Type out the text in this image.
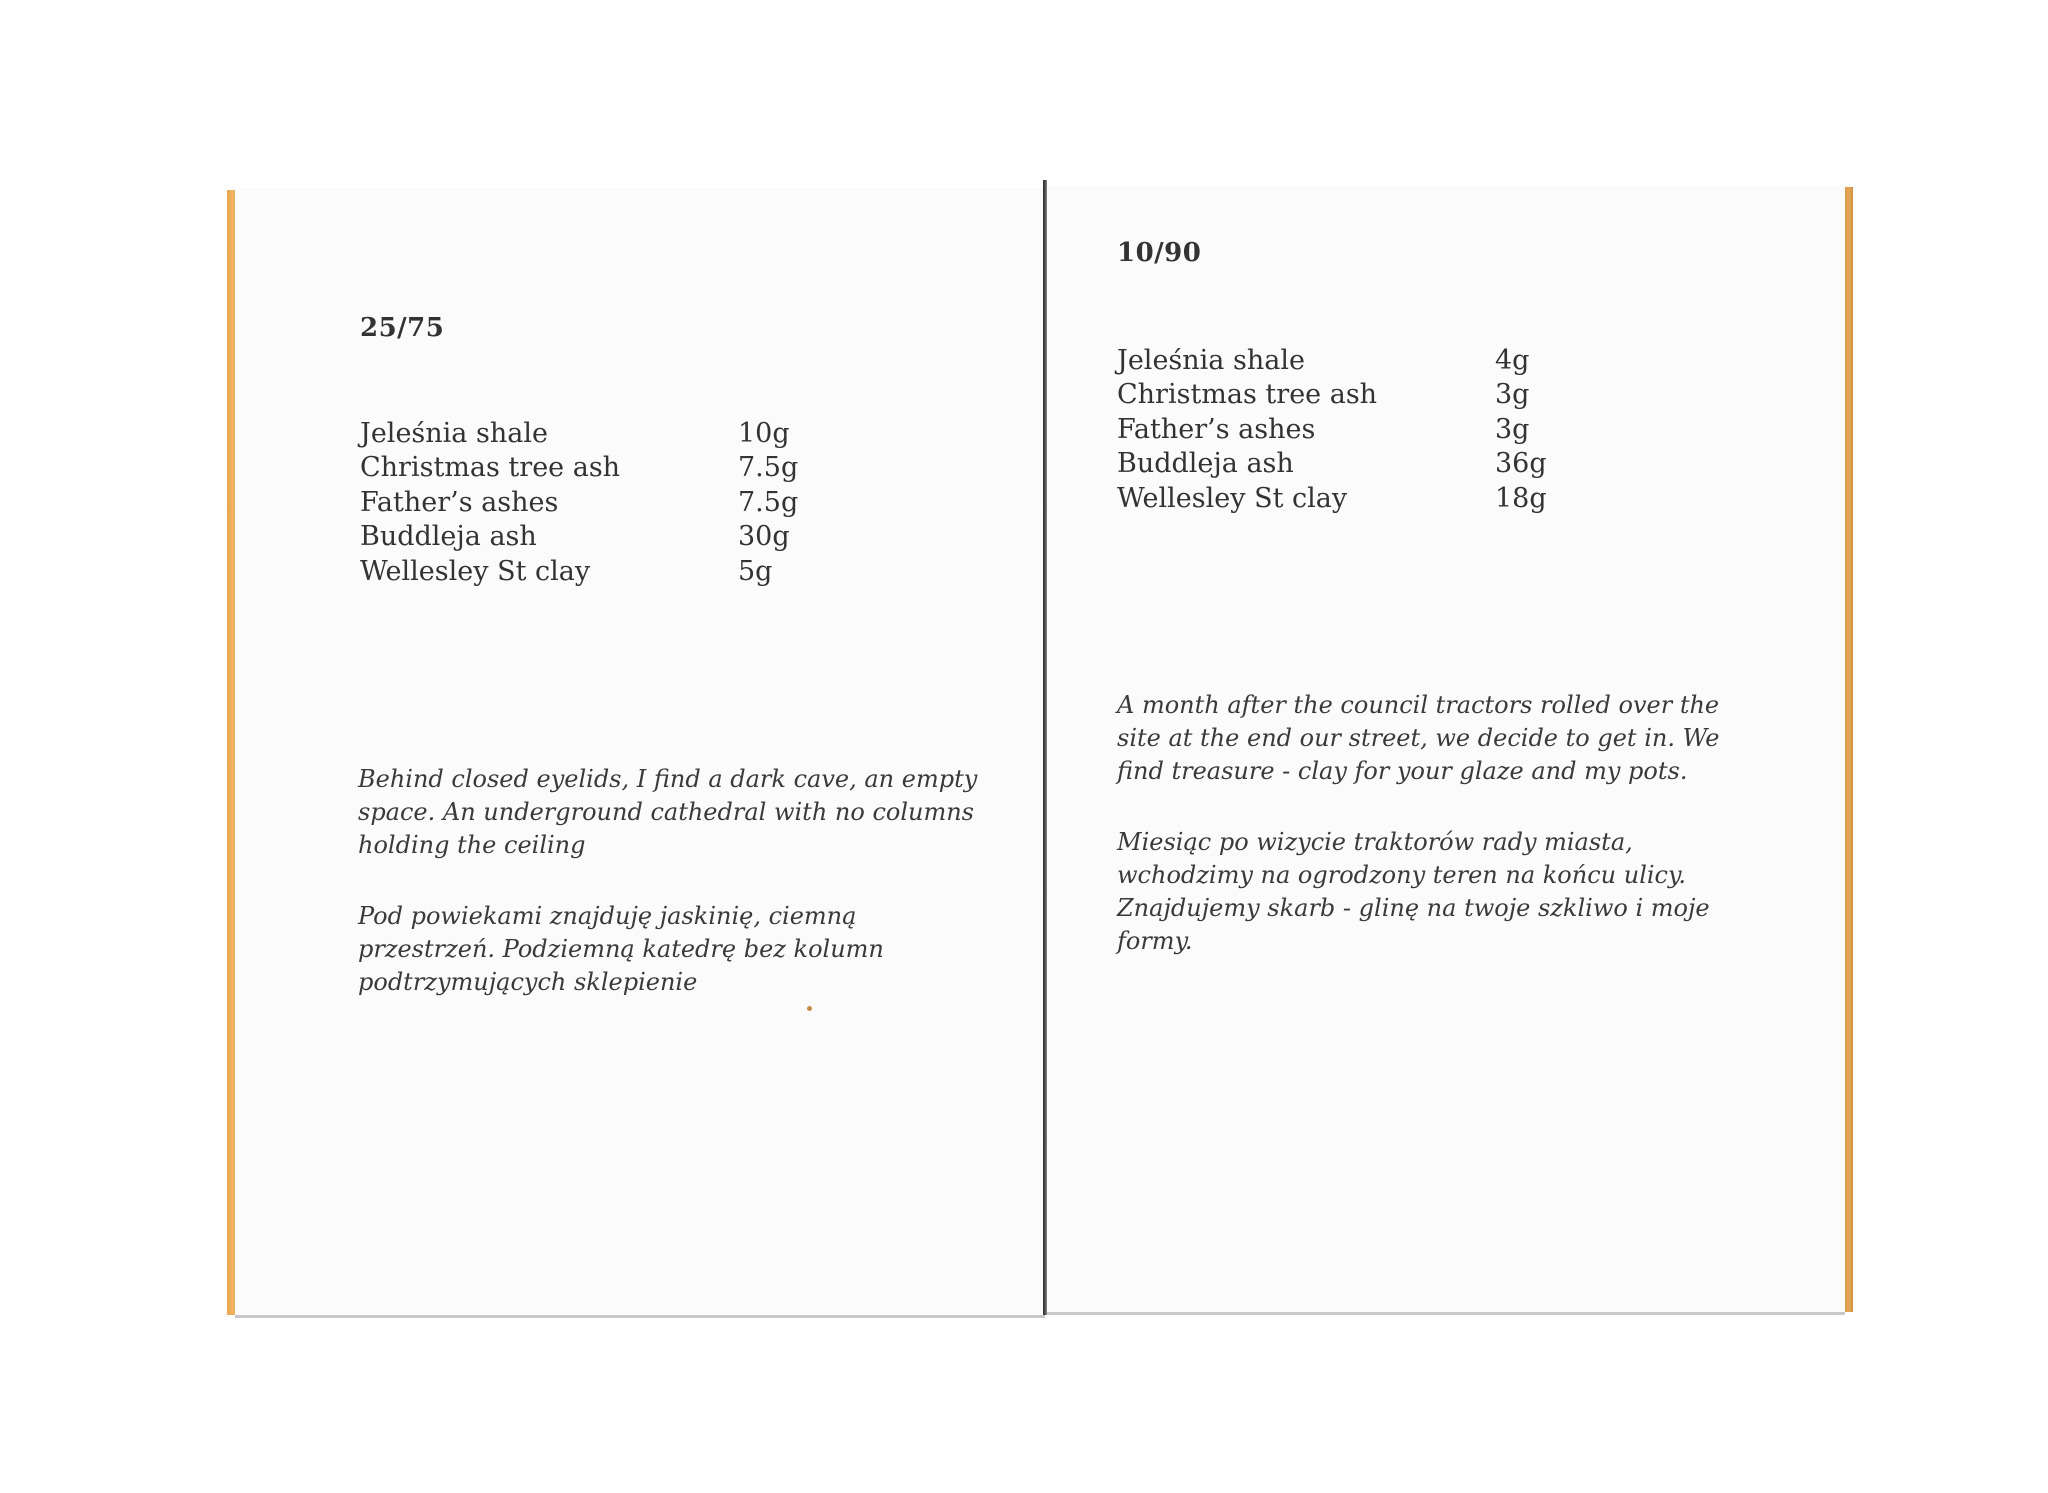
25/75
Jeleśnia shale	10g
Christmas tree ash	7.5g
Father’s ashes	7.5g
Buddleja ash	30g
Wellesley St clay	5g

Behind closed eyelids, I find a dark cave, an empty space. An underground cathedral with no columns holding the ceiling

Pod powiekami znajduję jaskinię, ciemną przestrzeń. Podziemną katedrę bez kolumn podtrzymujących sklepienie

10/90
Jeleśnia shale	4g
Christmas tree ash	3g
Father’s ashes	3g
Buddleja ash	36g
Wellesley St clay	18g

A month after the council tractors rolled over the site at the end our street, we decide to get in. We find treasure - clay for your glaze and my pots.

Miesiąc po wizycie traktorów rady miasta, wchodzimy na ogrodzony teren na końcu ulicy. Znajdujemy skarb - glinę na twoje szkliwo i moje formy.
